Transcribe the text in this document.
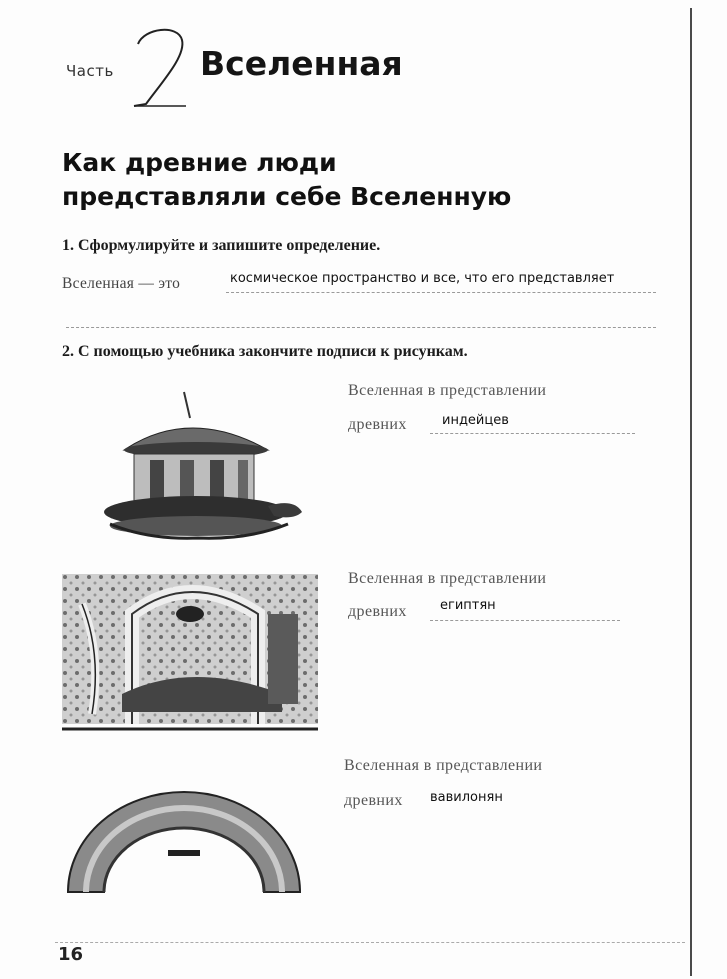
Часть	2 Вселенная
Как древние люди
представляли себе Вселенную
1. Сформулируйте и запишите определение.
Вселенная — это	космическое пространство и все, что его представляет
2. С помощью учебника закончите подписи к рисункам.
Вселенная в представлении
древних	индейцев
Вселенная в представлении
древних	египтян
Вселенная в представлении
древних вавилонян
16
